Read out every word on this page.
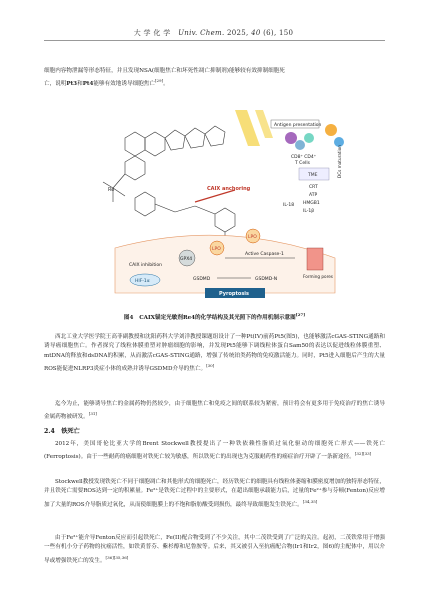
大 学 化 学 Univ. Chem. 2025, 40 (6), 150
细胞内容物泄漏等形态特征，并且发现NSA(细胞焦亡和坏死性凋亡抑制剂)能够较有效抑制细胞死
亡，说明Pt3和Pt4能够有效地诱导细胞焦亡[29]。
Re	CAIX anchoring
Antigen presentation
CD8⁺ CD4⁺
T Cells	DCs maturation
TME
CRT
ATP
HMGB1
IL-1β
IL-18
LPO
LPO
GPX4
CAIX inhibition
HIF-1α
Active Caspase-1
Forming pores
GSDMD	GSDMD-N
Pyroptosis
图4 CAIX锚定光敏剂Re4的化学结构及其光照下的作用机制示意图[27]
西北工业大学医学院王高菲副教授和沈阳药科大学刘洋教授课题组设计了一种Pt(IV)前药Pt5(图5)，也能够激活cGAS-STING通路和诱导癌细胞焦亡。作者探究了线粒体膜重塑对肿瘤细胞的影响，并发现Pt5能够下调线粒体蛋白Sam50的表达以促进线粒体膜重塑、mtDNA的释放和dsDNA的积累，从而激活cGAS-STING通路，增强了传统铂类药物的免疫激活能力。同时，Pt5进入细胞后产生的大量ROS能促进NLRP3炎症小体的成熟并诱导GSDMD介导的焦亡。[30]
迄今为止，能够诱导焦亡的金属药物仍然较少，由于细胞焦亡和免疫之间的联系较为紧密，预计将会有更多用于免疫治疗的焦亡诱导金属药物被研发。[31]
2.4 铁死亡
2012年，美国哥伦比亚大学的Brent Stockwell教授提出了一种铁依赖性脂质过氧化驱动的细胞死亡形式——铁死亡(Ferroptosis)。由于一些耐药的癌细胞对铁死亡较为敏感，所以铁死亡的出现也为克服耐药性的癌症治疗开辟了一条新途径。[32][33]
Stockwell教授发现铁死亡不同于细胞凋亡和其他形式的细胞死亡，经历铁死亡的细胞具有线粒体萎缩和膜密度增加的独特形态特征，并且铁死亡需要ROS达到一定的积累量。Fe²⁺是铁死亡过程中的主要形式，在超出细胞承载能力后，过量的Fe²⁺参与芬顿(Fenton)反应增加了大量的ROS介导脂质过氧化，从而使细胞膜上的不饱和脂肪酸受到损伤，最终导致细胞发生铁死亡。[34,35]
由于Fe²⁺能介导Fenton反应而引起铁死亡，Fe(II)配合物受到了不少关注，其中二茂铁受到了广泛的关注。起初，二茂铁常用于增强一些有机小分子药物的抗癌活性，如铁黄普芬、紫杉醇和尼鲁胺等。后来，其又被引入至抗癌配合物(Ir1和Ir2，图6)的主配体中，用以介导或增强铁死亡的发生。[36][35,36]
